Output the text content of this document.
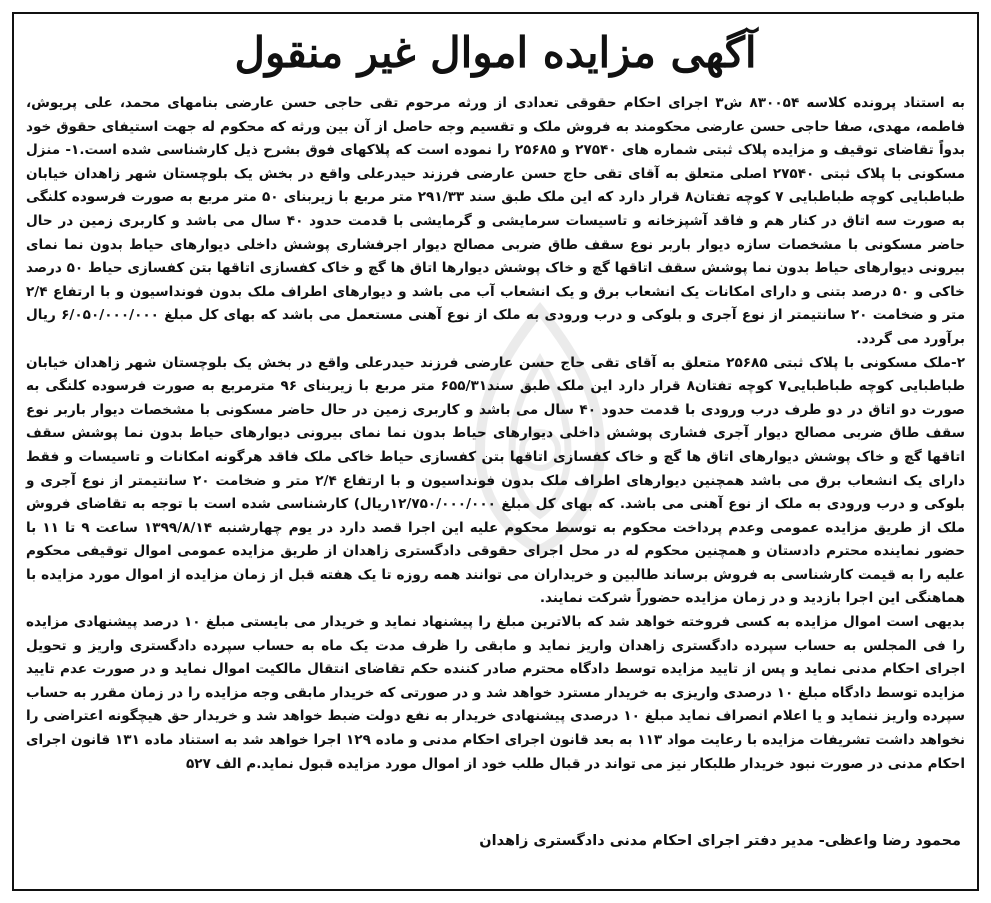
آگهی مزایده اموال غیر منقول

به استناد پرونده کلاسه ۸۳۰۰۵۴ ش۳ اجرای احکام حقوقی تعدادی از ورثه مرحوم تقی حاجی حسن عارضی بنامهای محمد، علی پریوش، فاطمه، مهدی، صفا حاجی حسن عارضی محکومند به فروش ملک و تقسیم وجه حاصل از آن بین ورثه که محکوم له جهت استیفای حقوق خود بدواً تقاضای توقیف و مزایده پلاک ثبتی شماره های ۲۷۵۴۰ و ۲۵۶۸۵ را نموده است که پلاکهای فوق بشرح ذیل کارشناسی شده است.۱- منزل مسکونی با پلاک ثبتی ۲۷۵۴۰ اصلی متعلق به آقای تقی حاج حسن عارضی فرزند حیدرعلی واقع در بخش یک بلوچستان شهر زاهدان خیابان طباطبایی کوچه طباطبایی ۷ کوچه تفتان۸ قرار دارد که این ملک طبق سند ۲۹۱/۳۳ متر مربع با زیربنای ۵۰ متر مربع به صورت فرسوده کلنگی به صورت سه اتاق در کنار هم و فاقد آشپزخانه و تاسیسات سرمایشی و گرمایشی با قدمت حدود ۴۰ سال می باشد و کاربری زمین در حال حاضر مسکونی با مشخصات سازه دیوار باربر نوع سقف طاق ضربی مصالح دیوار اجرفشاری پوشش داخلی دیوارهای حیاط بدون نما نمای بیرونی دیوارهای حیاط بدون نما پوشش سقف اتاقها گچ و خاک پوشش دیوارها اتاق ها گچ و خاک کفسازی اتاقها بتن کفسازی حیاط ۵۰ درصد خاکی و ۵۰ درصد بتنی و دارای امکانات یک انشعاب برق و یک انشعاب آب می باشد و دیوارهای اطراف ملک بدون فونداسیون و با ارتفاع ۲/۴ متر و ضخامت ۲۰ سانتیمتر از نوع آجری و بلوکی و درب ورودی به ملک از نوع آهنی مستعمل می باشد که بهای کل مبلغ ۶/۰۵۰/۰۰۰/۰۰۰ ریال برآورد می گردد.

۲-ملک مسکونی با پلاک ثبتی ۲۵۶۸۵ متعلق به آقای تقی حاج حسن عارضی فرزند حیدرعلی واقع در بخش یک بلوچستان شهر زاهدان خیابان طباطبایی کوچه طباطبایی۷ کوچه تفتان۸ قرار دارد این ملک طبق سند۶۵۵/۳۱ متر مربع با زیربنای ۹۶ مترمربع به صورت فرسوده کلنگی به صورت دو اتاق در دو طرف درب ورودی با قدمت حدود ۴۰ سال می باشد و کاربری زمین در حال حاضر مسکونی با مشخصات دیوار باربر نوع سقف طاق ضربی مصالح دیوار آجری فشاری پوشش داخلی دیوارهای حیاط بدون نما نمای بیرونی دیوارهای حیاط بدون نما پوشش سقف اتاقها گچ و خاک پوشش دیوارهای اتاق ها گچ و خاک کفسازی اتاقها بتن کفسازی حیاط خاکی ملک فاقد هرگونه امکانات و تاسیسات و فقط دارای یک انشعاب برق می باشد همچنین دیوارهای اطراف ملک بدون فونداسیون و با ارتفاع ۲/۴ متر و ضخامت ۲۰ سانتیمتر از نوع آجری و بلوکی و درب ورودی به ملک از نوع آهنی می باشد. که بهای کل مبلغ ۱۲/۷۵۰/۰۰۰/۰۰۰ریال) کارشناسی شده است با توجه به تقاضای فروش ملک از طریق مزایده عمومی وعدم پرداخت محکوم به توسط محکوم علیه این اجرا قصد دارد در یوم چهارشنبه ۱۳۹۹/۸/۱۴ ساعت ۹ تا ۱۱ با حضور نماینده محترم دادستان و همچنین محکوم له در محل اجرای حقوقی دادگستری زاهدان از طریق مزایده عمومی اموال توقیفی محکوم علیه را به قیمت کارشناسی به فروش برساند طالبین و خریداران می توانند همه روزه تا یک هفته قبل از زمان مزایده از اموال مورد مزایده با هماهنگی این اجرا بازدید و در زمان مزایده حضوراً شرکت نمایند.

بدیهی است اموال مزایده به کسی فروخته خواهد شد که بالاترین مبلغ را پیشنهاد نماید و خریدار می بایستی مبلغ ۱۰ درصد پیشنهادی مزایده را فی المجلس به حساب سپرده دادگستری زاهدان واریز نماید و مابقی را ظرف مدت یک ماه به حساب سپرده دادگستری واریز و تحویل اجرای احکام مدنی نماید و پس از تایید مزایده توسط دادگاه محترم صادر کننده حکم تقاضای انتقال مالکیت اموال نماید و در صورت عدم تایید مزایده توسط دادگاه مبلغ ۱۰ درصدی واریزی به خریدار مسترد خواهد شد و در صورتی که خریدار مابقی وجه مزایده را در زمان مقرر به حساب سپرده واریز ننماید و یا اعلام انصراف نماید مبلغ ۱۰ درصدی پیشنهادی خریدار به نفع دولت ضبط خواهد شد و خریدار حق هیچگونه اعتراضی را نخواهد داشت تشریفات مزایده با رعایت مواد ۱۱۳ به بعد قانون اجرای احکام مدنی و ماده ۱۲۹ اجرا خواهد شد به استناد ماده ۱۳۱ قانون اجرای احکام مدنی در صورت نبود خریدار طلبکار نیز می تواند در قبال طلب خود از اموال مورد مزایده قبول نماید.م الف ۵۲۷

محمود رضا واعظی- مدیر دفتر اجرای احکام مدنی دادگستری زاهدان
